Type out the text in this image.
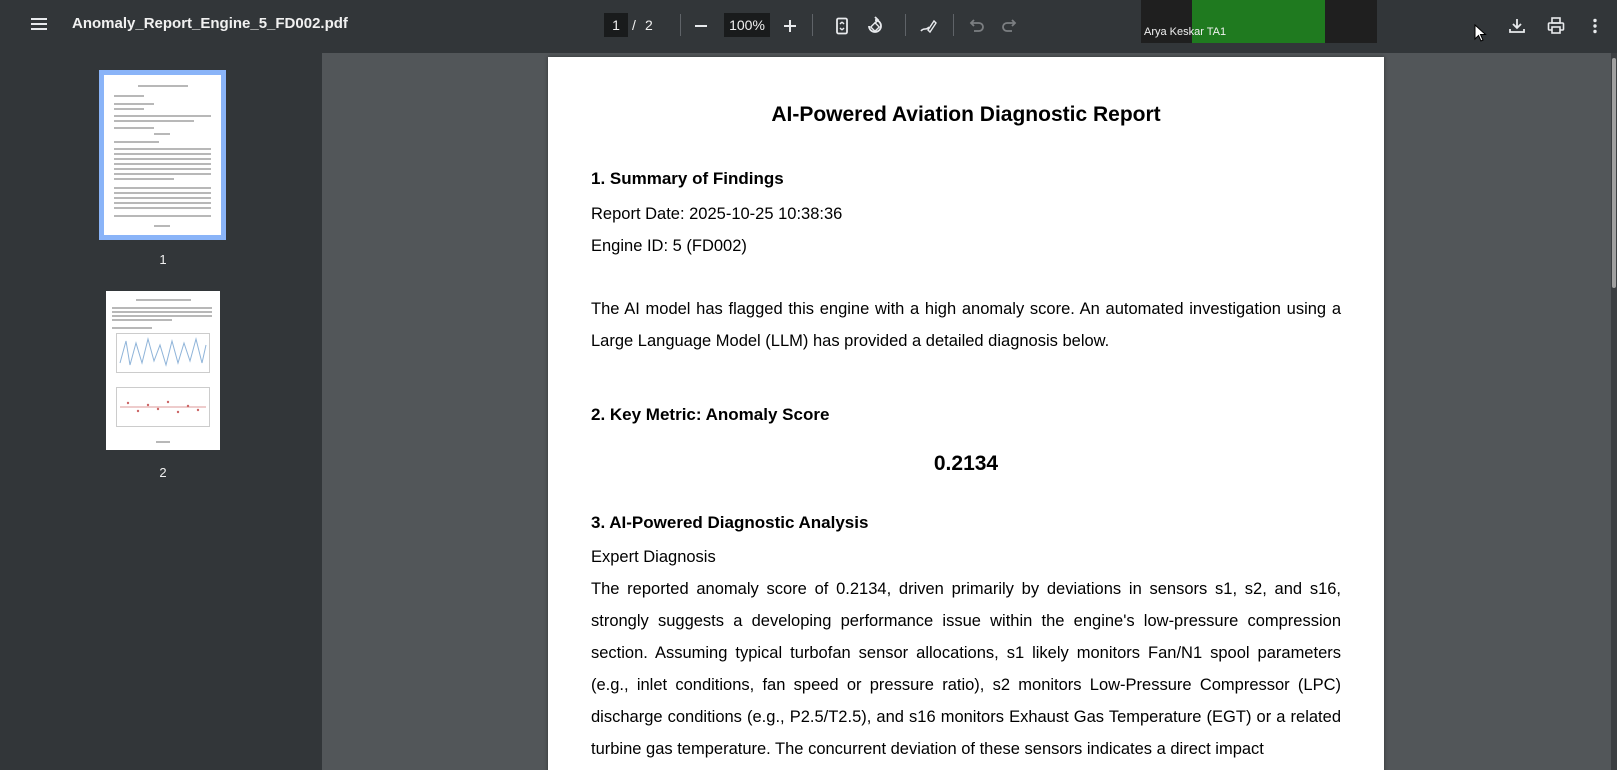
Anomaly_Report_Engine_5_FD002.pdf	1 / 2	100%	Arya Keskar TA1
1
2
AI-Powered Aviation Diagnostic Report
1. Summary of Findings
Report Date: 2025-10-25 10:38:36
Engine ID: 5 (FD002)
The AI model has flagged this engine with a high anomaly score. An automated investigation using a Large Language Model (LLM) has provided a detailed diagnosis below.
2. Key Metric: Anomaly Score
0.2134
3. AI-Powered Diagnostic Analysis
Expert Diagnosis
The reported anomaly score of 0.2134, driven primarily by deviations in sensors s1, s2, and s16, strongly suggests a developing performance issue within the engine's low-pressure compression section. Assuming typical turbofan sensor allocations, s1 likely monitors Fan/N1 spool parameters (e.g., inlet conditions, fan speed or pressure ratio), s2 monitors Low-Pressure Compressor (LPC) discharge conditions (e.g., P2.5/T2.5), and s16 monitors Exhaust Gas Temperature (EGT) or a related turbine gas temperature. The concurrent deviation of these sensors indicates a direct impact
